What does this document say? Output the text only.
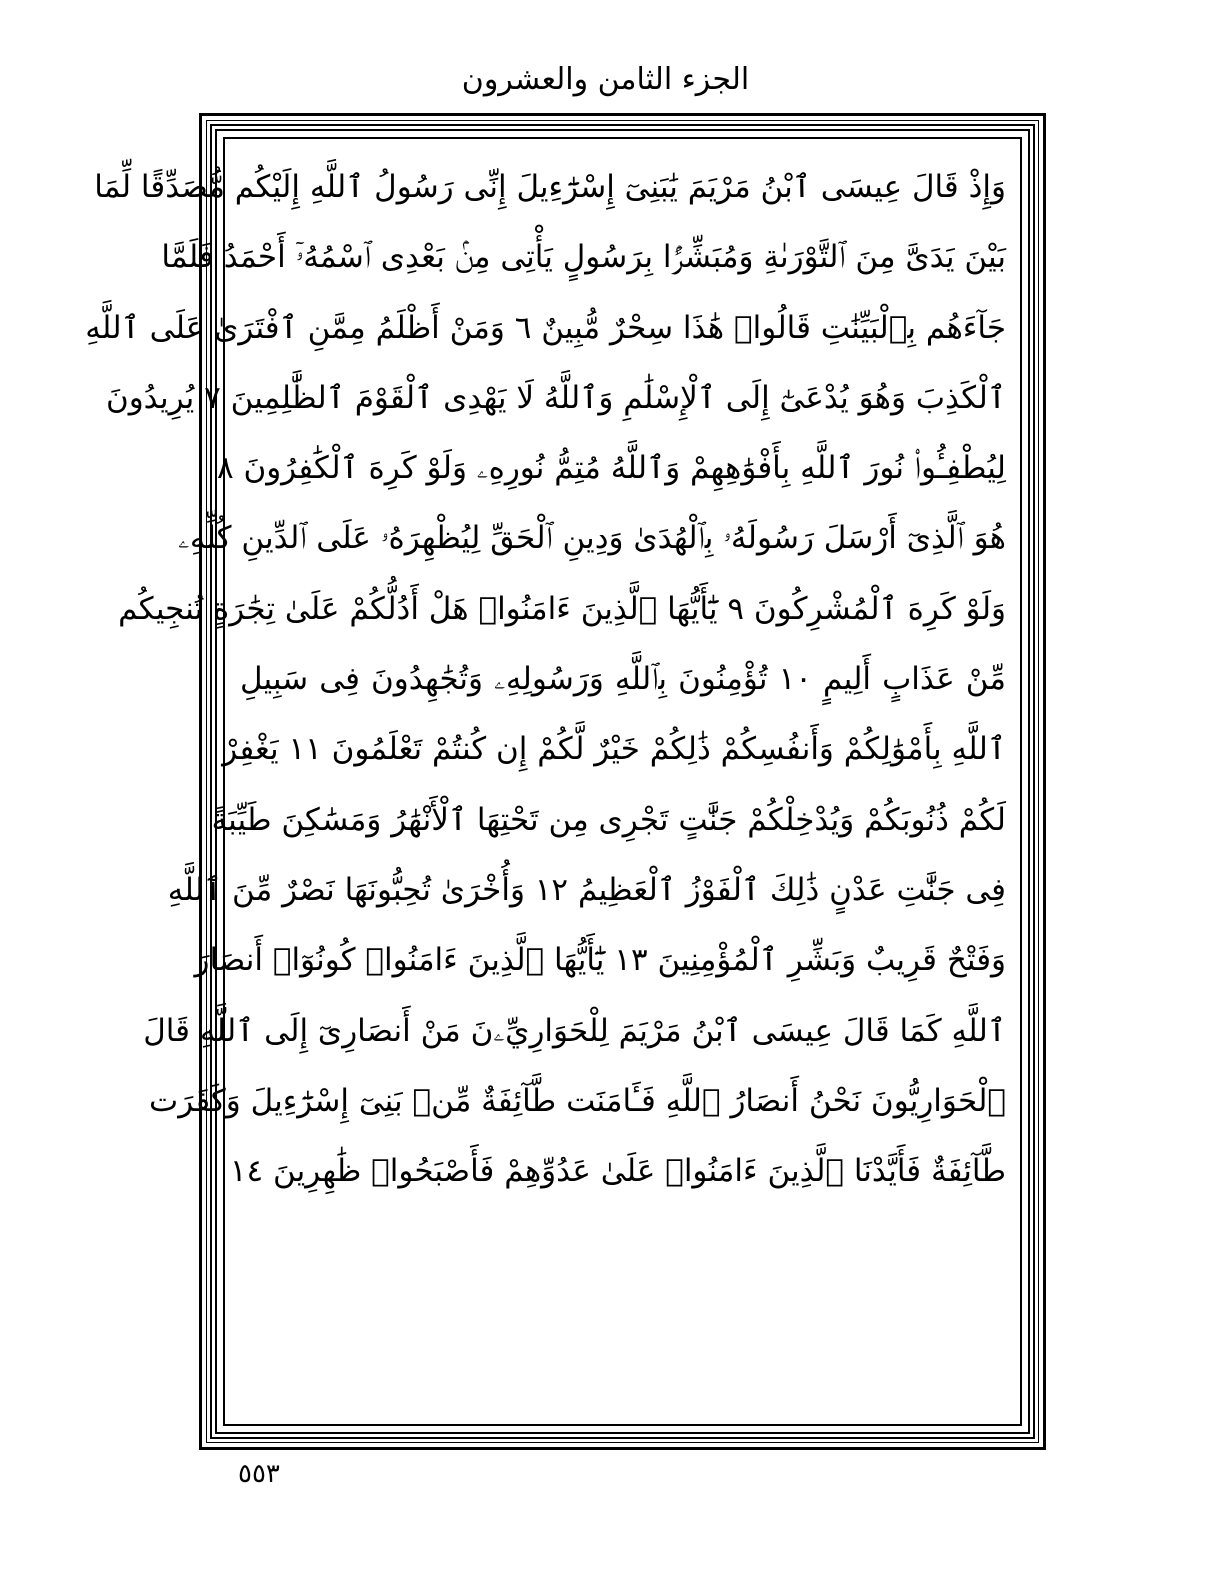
الجزء الثامن والعشرون
وَإِذْ قَالَ عِيسَى ٱبْنُ مَرْيَمَ يَٰبَنِىٓ إِسْرَٰٓءِيلَ إِنِّى رَسُولُ ٱللَّهِ إِلَيْكُم مُّصَدِّقًا لِّمَا
بَيْنَ يَدَىَّ مِنَ ٱلتَّوْرَىٰةِ وَمُبَشِّرًۢا بِرَسُولٍ يَأْتِى مِنۢ بَعْدِى ٱسْمُهُۥٓ أَحْمَدُ فَلَمَّا
جَآءَهُم بِٱلْبَيِّنَٰتِ قَالُوا۟ هَٰذَا سِحْرٌ مُّبِينٌ ٦ وَمَنْ أَظْلَمُ مِمَّنِ ٱفْتَرَىٰ عَلَى ٱللَّهِ
ٱلْكَذِبَ وَهُوَ يُدْعَىٰٓ إِلَى ٱلْإِسْلَٰمِ وَٱللَّهُ لَا يَهْدِى ٱلْقَوْمَ ٱلظَّٰلِمِينَ ٧ يُرِيدُونَ
لِيُطْفِـُٔوا۟ نُورَ ٱللَّهِ بِأَفْوَٰهِهِمْ وَٱللَّهُ مُتِمُّ نُورِهِۦ وَلَوْ كَرِهَ ٱلْكَٰفِرُونَ ٨
هُوَ ٱلَّذِىٓ أَرْسَلَ رَسُولَهُۥ بِٱلْهُدَىٰ وَدِينِ ٱلْحَقِّ لِيُظْهِرَهُۥ عَلَى ٱلدِّينِ كُلِّهِۦ
وَلَوْ كَرِهَ ٱلْمُشْرِكُونَ ٩ يَٰٓأَيُّهَا ٱلَّذِينَ ءَامَنُوا۟ هَلْ أَدُلُّكُمْ عَلَىٰ تِجَٰرَةٍ تُنجِيكُم
مِّنْ عَذَابٍ أَلِيمٍ ١٠ تُؤْمِنُونَ بِٱللَّهِ وَرَسُولِهِۦ وَتُجَٰهِدُونَ فِى سَبِيلِ
ٱللَّهِ بِأَمْوَٰلِكُمْ وَأَنفُسِكُمْ ذَٰلِكُمْ خَيْرٌ لَّكُمْ إِن كُنتُمْ تَعْلَمُونَ ١١ يَغْفِرْ
لَكُمْ ذُنُوبَكُمْ وَيُدْخِلْكُمْ جَنَّٰتٍ تَجْرِى مِن تَحْتِهَا ٱلْأَنْهَٰرُ وَمَسَٰكِنَ طَيِّبَةً
فِى جَنَّٰتِ عَدْنٍ ذَٰلِكَ ٱلْفَوْزُ ٱلْعَظِيمُ ١٢ وَأُخْرَىٰ تُحِبُّونَهَا نَصْرٌ مِّنَ ٱللَّهِ
وَفَتْحٌ قَرِيبٌ وَبَشِّرِ ٱلْمُؤْمِنِينَ ١٣ يَٰٓأَيُّهَا ٱلَّذِينَ ءَامَنُوا۟ كُونُوٓا۟ أَنصَارَ
ٱللَّهِ كَمَا قَالَ عِيسَى ٱبْنُ مَرْيَمَ لِلْحَوَارِيِّۦنَ مَنْ أَنصَارِىٓ إِلَى ٱللَّهِ قَالَ
ٱلْحَوَارِيُّونَ نَحْنُ أَنصَارُ ٱللَّهِ فَـَٔامَنَت طَّآئِفَةٌ مِّنۢ بَنِىٓ إِسْرَٰٓءِيلَ وَكَفَرَت
طَّآئِفَةٌ فَأَيَّدْنَا ٱلَّذِينَ ءَامَنُوا۟ عَلَىٰ عَدُوِّهِمْ فَأَصْبَحُوا۟ ظَٰهِرِينَ ١٤
٥٥٣
